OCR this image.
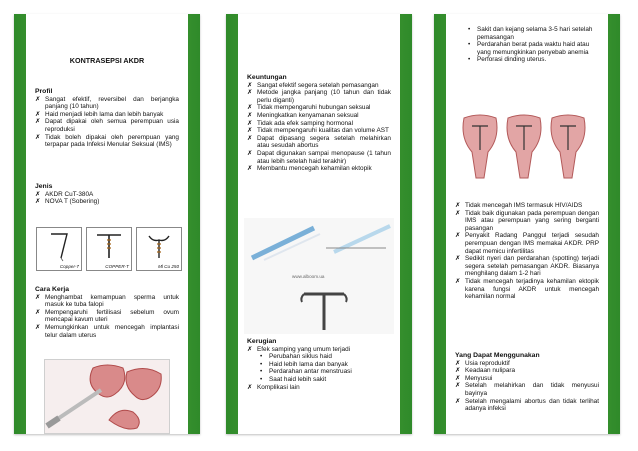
KONTRASEPSI AKDR

Profil

✗ Sangat efektif, reversibel dan berjangka panjang (10 tahun)

✗ Haid menjadi lebih lama dan lebih banyak

✗ Dapat dipakai oleh semua perempuan usia reproduksi

✗ Tidak boleh dipakai oleh perempuan yang terpapar pada Infeksi Menular Seksual (IMS)

Jenis

✗ AKDR CuT-380A

✗ NOVA T (Sobering)

Copper-7	COPPER-T	Ml Cu 250

Cara Kerja

✗ Menghambat kemampuan sperma untuk masuk ke tuba falopi

✗ Mempengaruhi fertilisasi sebelum ovum mencapai kavum uteri

✗ Memungkinkan untuk mencegah implantasi telur dalam uterus

Keuntungan

✗ Sangat efektif segera setelah pemasangan

✗ Metode jangka panjang (10 tahun dan tidak perlu diganti)

✗ Tidak mempengaruhi hubungan seksual

✗ Meningkatkan kenyamanan seksual

✗ Tidak ada efek samping hormonal

✗ Tidak mempengaruhi kualitas dan volume AST

✗ Dapat dipasang segera setelah melahirkan atau sesudah abortus

✗ Dapat digunakan sampai menopause (1 tahun atau lebih setelah haid terakhir)

✗ Membantu mencegah kehamilan ektopik

www.alboom.ua

Kerugian

✗ Efek samping yang umum terjadi

• Perubahan siklus haid

• Haid lebih lama dan banyak

• Perdarahan antar menstruasi

• Saat haid lebih sakit

✗ Komplikasi lain

• Sakit dan kejang selama 3-5 hari setelah pemasangan

• Perdarahan berat pada waktu haid atau yang memungkinkan penyebab anemia

• Perforasi dinding uterus.

✗ Tidak mencegah IMS termasuk HIV/AIDS

✗ Tidak baik digunakan pada perempuan dengan IMS atau perempuan yang sering berganti pasangan

✗ Penyakit Radang Panggul terjadi sesudah perempuan dengan IMS memakai AKDR. PRP dapat memicu infertilitas

✗ Sedikit nyeri dan perdarahan (spotting) terjadi segera setelah pemasangan AKDR. Biasanya menghilang dalam 1-2 hari

✗ Tidak mencegah terjadinya kehamilan ektopik karena fungsi AKDR untuk mencegah kehamilan normal

Yang Dapat Menggunakan

✗ Usia reproduktif

✗ Keadaan nulipara

✗ Menyusui

✗ Setelah melahirkan dan tidak menyusui bayinya

✗ Setelah mengalami abortus dan tidak terlihat adanya infeksi
